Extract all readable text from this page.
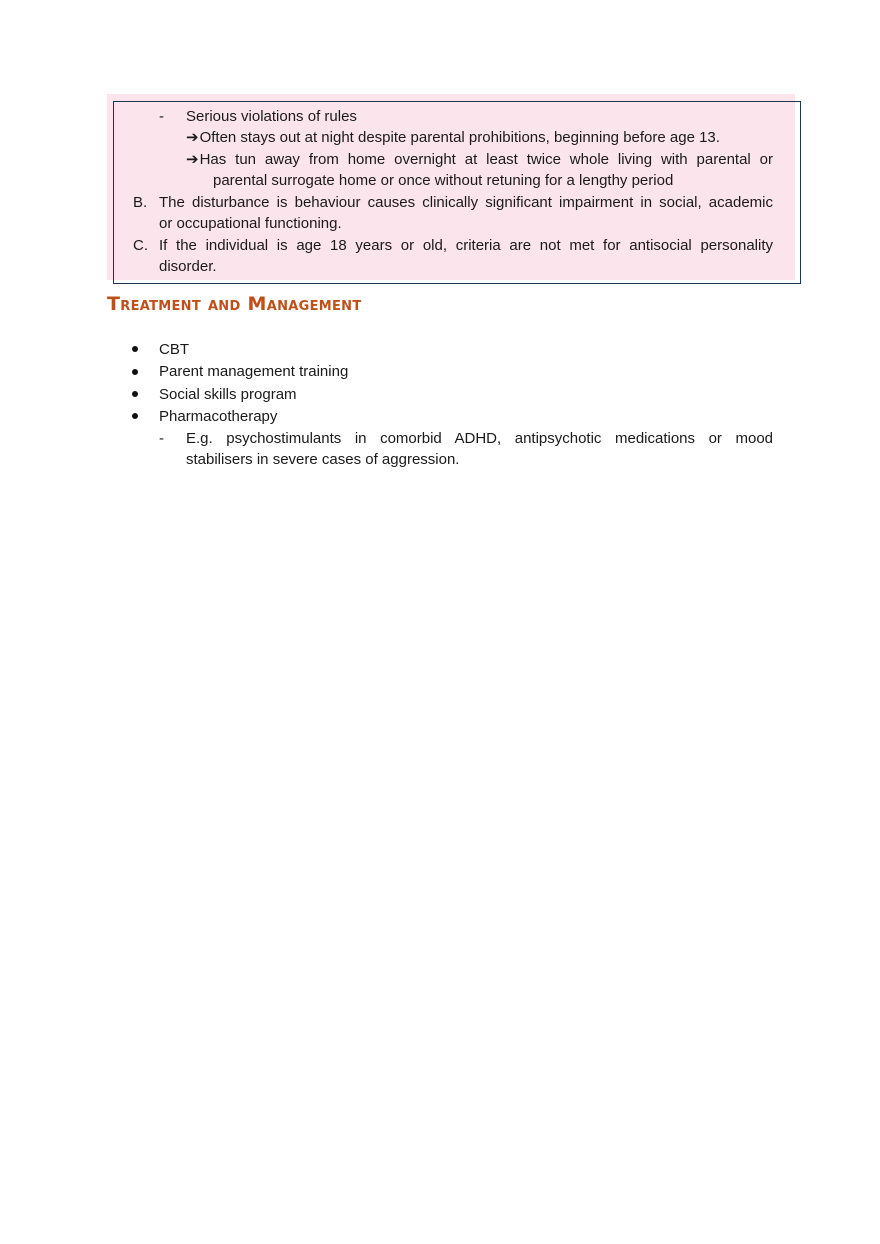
- Serious violations of rules
➔Often stays out at night despite parental prohibitions, beginning before age 13.
➔Has tun away from home overnight at least twice whole living with parental or
parental surrogate home or once without retuning for a lengthy period
B. The disturbance is behaviour causes clinically significant impairment in social, academic
or occupational functioning.
C. If the individual is age 18 years or old, criteria are not met for antisocial personality
disorder.
Treatment and Management
CBT
Parent management training
Social skills program
Pharmacotherapy
- E.g. psychostimulants in comorbid ADHD, antipsychotic medications or mood
stabilisers in severe cases of aggression.
